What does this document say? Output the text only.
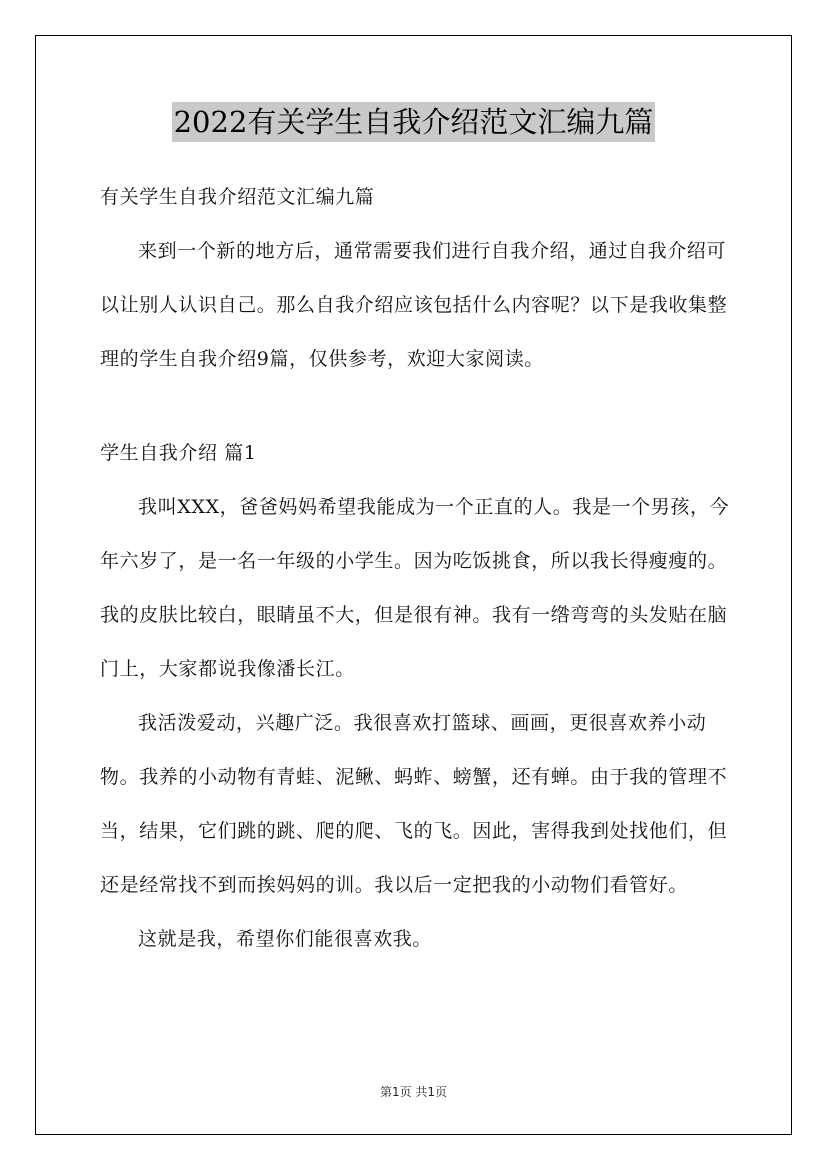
2022有关学生自我介绍范文汇编九篇

有关学生自我介绍范文汇编九篇

来到一个新的地方后，通常需要我们进行自我介绍，通过自我介绍可以让别人认识自己。那么自我介绍应该包括什么内容呢？以下是我收集整理的学生自我介绍9篇，仅供参考，欢迎大家阅读。

学生自我介绍 篇1

我叫XXX，爸爸妈妈希望我能成为一个正直的人。我是一个男孩，今年六岁了，是一名一年级的小学生。因为吃饭挑食，所以我长得瘦瘦的。我的皮肤比较白，眼睛虽不大，但是很有神。我有一绺弯弯的头发贴在脑门上，大家都说我像潘长江。

我活泼爱动，兴趣广泛。我很喜欢打篮球、画画，更很喜欢养小动物。我养的小动物有青蛙、泥鳅、蚂蚱、螃蟹，还有蝉。由于我的管理不当，结果，它们跳的跳、爬的爬、飞的飞。因此，害得我到处找他们，但还是经常找不到而挨妈妈的训。我以后一定把我的小动物们看管好。

这就是我，希望你们能很喜欢我。

第1页 共1页
